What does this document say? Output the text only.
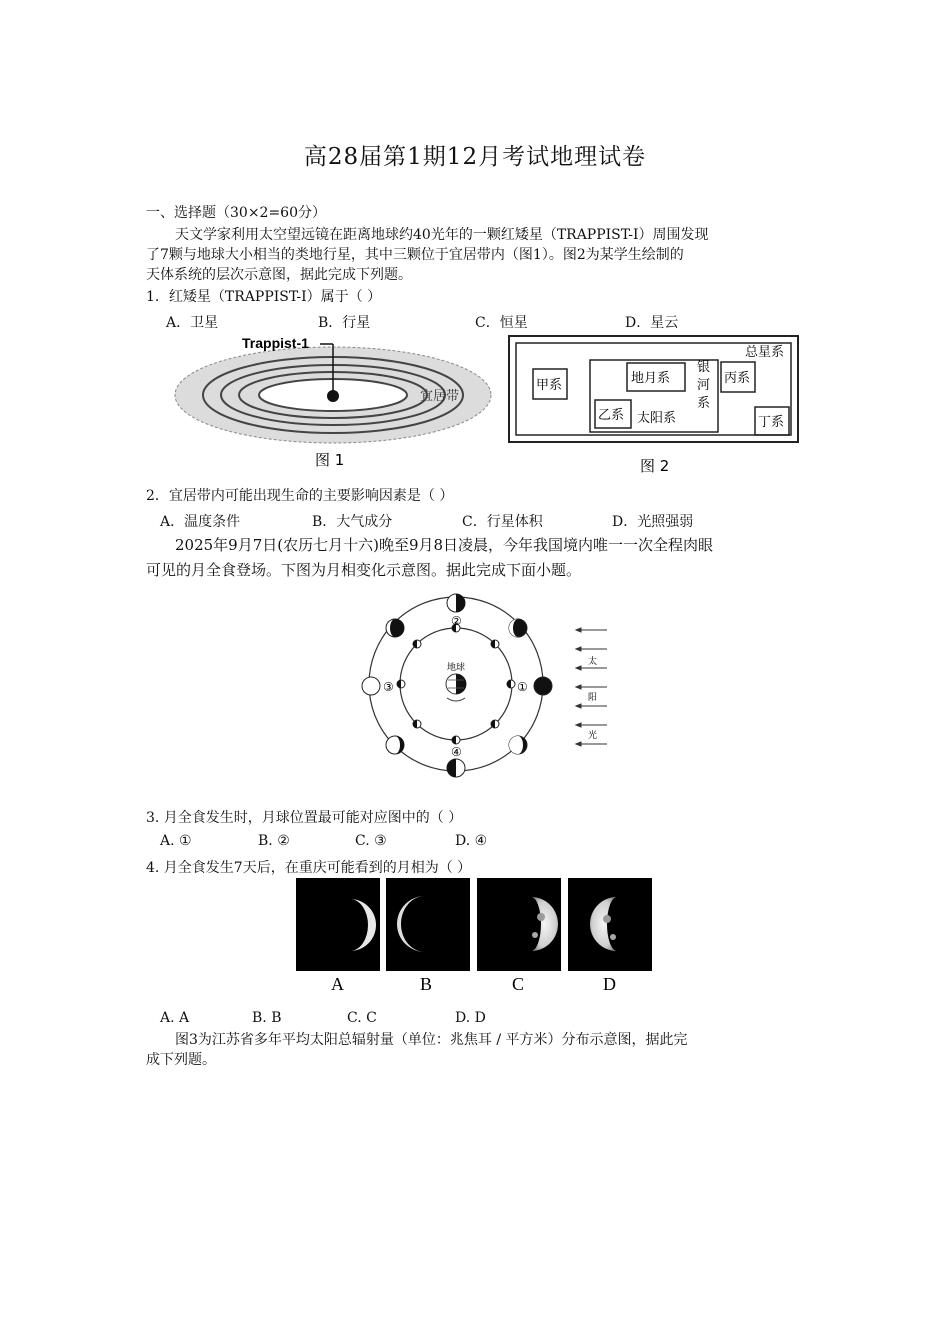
高28届第1期12月考试地理试卷
一、选择题（30×2=60分）
天文学家利用太空望远镜在距离地球约40光年的一颗红矮星（TRAPPIST-I）周围发现
了7颗与地球大小相当的类地行星，其中三颗位于宜居带内（图1）。图2为某学生绘制的
天体系统的层次示意图，据此完成下列题。
1．红矮星（TRAPPIST-I）属于（ ）
A．卫星	B．行星	C．恒星	D．星云
Trappist-1
宜居带
图 1
总星系
甲系	地月系
乙系 太阳系
银
河
系
丙系
丁系
图 2
2．宜居带内可能出现生命的主要影响因素是（ ）
A．温度条件	B．大气成分	C．行星体积	D．光照强弱
2025年9月7日(农历七月十六)晚至9月8日凌晨，今年我国境内唯一一次全程肉眼
可见的月全食登场。下图为月相变化示意图。据此完成下面小题。
地球
②
①
③
④
太
阳
光
3. 月全食发生时，月球位置最可能对应图中的（ ）
A. ①	B. ②	C. ③	D. ④
4. 月全食发生7天后，在重庆可能看到的月相为（ ）
A	B	C	D
A. A	B. B	C. C	D. D
图3为江苏省多年平均太阳总辐射量（单位：兆焦耳 / 平方米）分布示意图，据此完
成下列题。
